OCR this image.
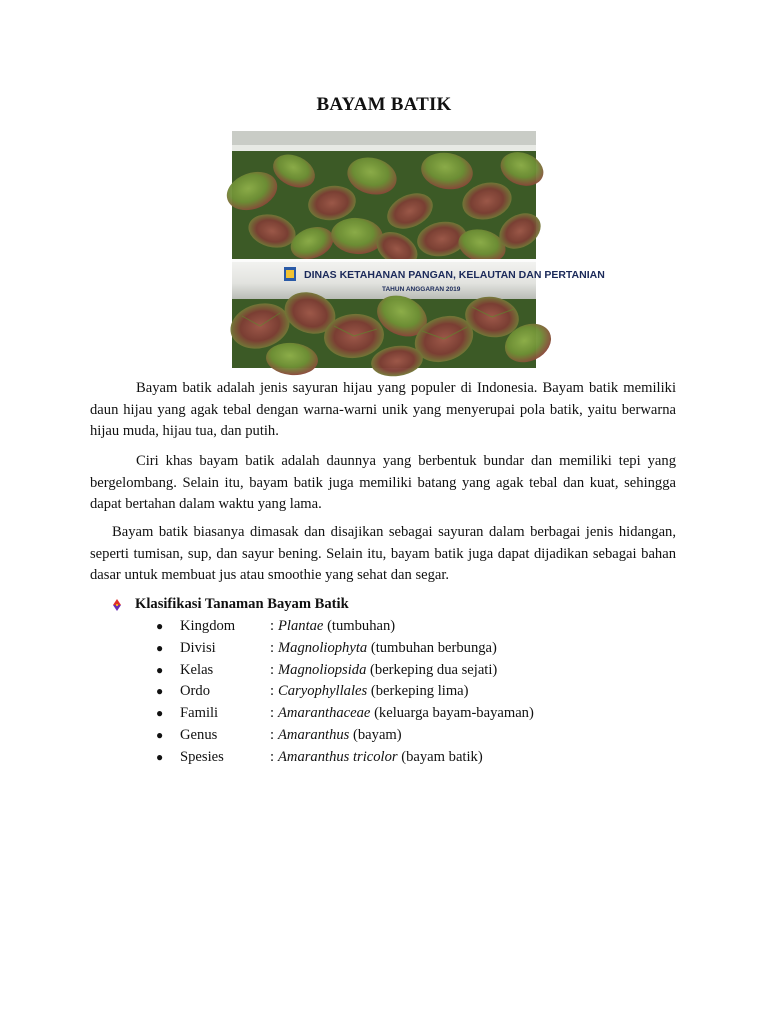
BAYAM BATIK
DINAS KETAHANAN PANGAN, KELAUTAN DAN PERTANIAN
TAHUN ANGGARAN 2019

Bayam batik adalah jenis sayuran hijau yang populer di Indonesia. Bayam batik memiliki daun hijau yang agak tebal dengan warna-warni unik yang menyerupai pola batik, yaitu berwarna hijau muda, hijau tua, dan putih.

Ciri khas bayam batik adalah daunnya yang berbentuk bundar dan memiliki tepi yang bergelombang. Selain itu, bayam batik juga memiliki batang yang agak tebal dan kuat, sehingga dapat bertahan dalam waktu yang lama.

Bayam batik biasanya dimasak dan disajikan sebagai sayuran dalam berbagai jenis hidangan, seperti tumisan, sup, dan sayur bening. Selain itu, bayam batik juga dapat dijadikan sebagai bahan dasar untuk membuat jus atau smoothie yang sehat dan segar.

Klasifikasi Tanaman Bayam Batik
●	Kingdom	: Plantae
(tumbuhan)
●	Divisi	: Magnoliophyta
(tumbuhan berbunga)
●	Kelas	: Magnoliopsida
(berkeping dua sejati)
●	Ordo	: Caryophyllales
(berkeping lima)
●	Famili	: Amaranthaceae
(keluarga bayam-bayaman)
●	Genus	: Amaranthus
(bayam)
●	Spesies	: Amaranthus tricolor
(bayam batik)
